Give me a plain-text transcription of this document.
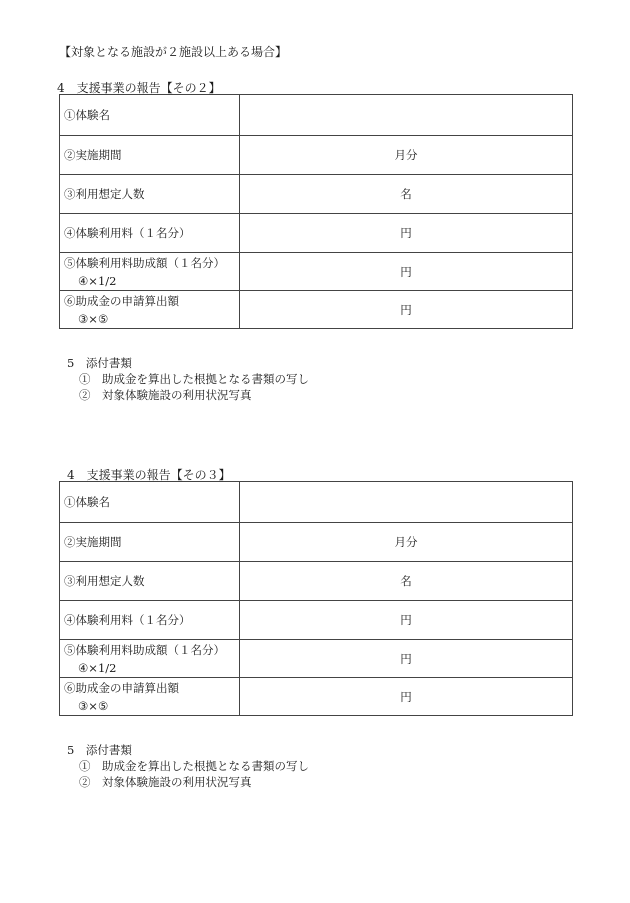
【対象となる施設が２施設以上ある場合】
4　支援事業の報告【その２】
①体験名	
②実施期間	月分
③利用想定人数	名
④体験利用料（１名分）	円
⑤体験利用料助成額（１名分）
④×1/2	円
⑥助成金の申請算出額
③×⑤	円
5　添付書類
①　助成金を算出した根拠となる書類の写し
②　対象体験施設の利用状況写真
4　支援事業の報告【その３】
①体験名	
②実施期間	月分
③利用想定人数	名
④体験利用料（１名分）	円
⑤体験利用料助成額（１名分）
④×1/2	円
⑥助成金の申請算出額
③×⑤	円
5　添付書類
①　助成金を算出した根拠となる書類の写し
②　対象体験施設の利用状況写真
